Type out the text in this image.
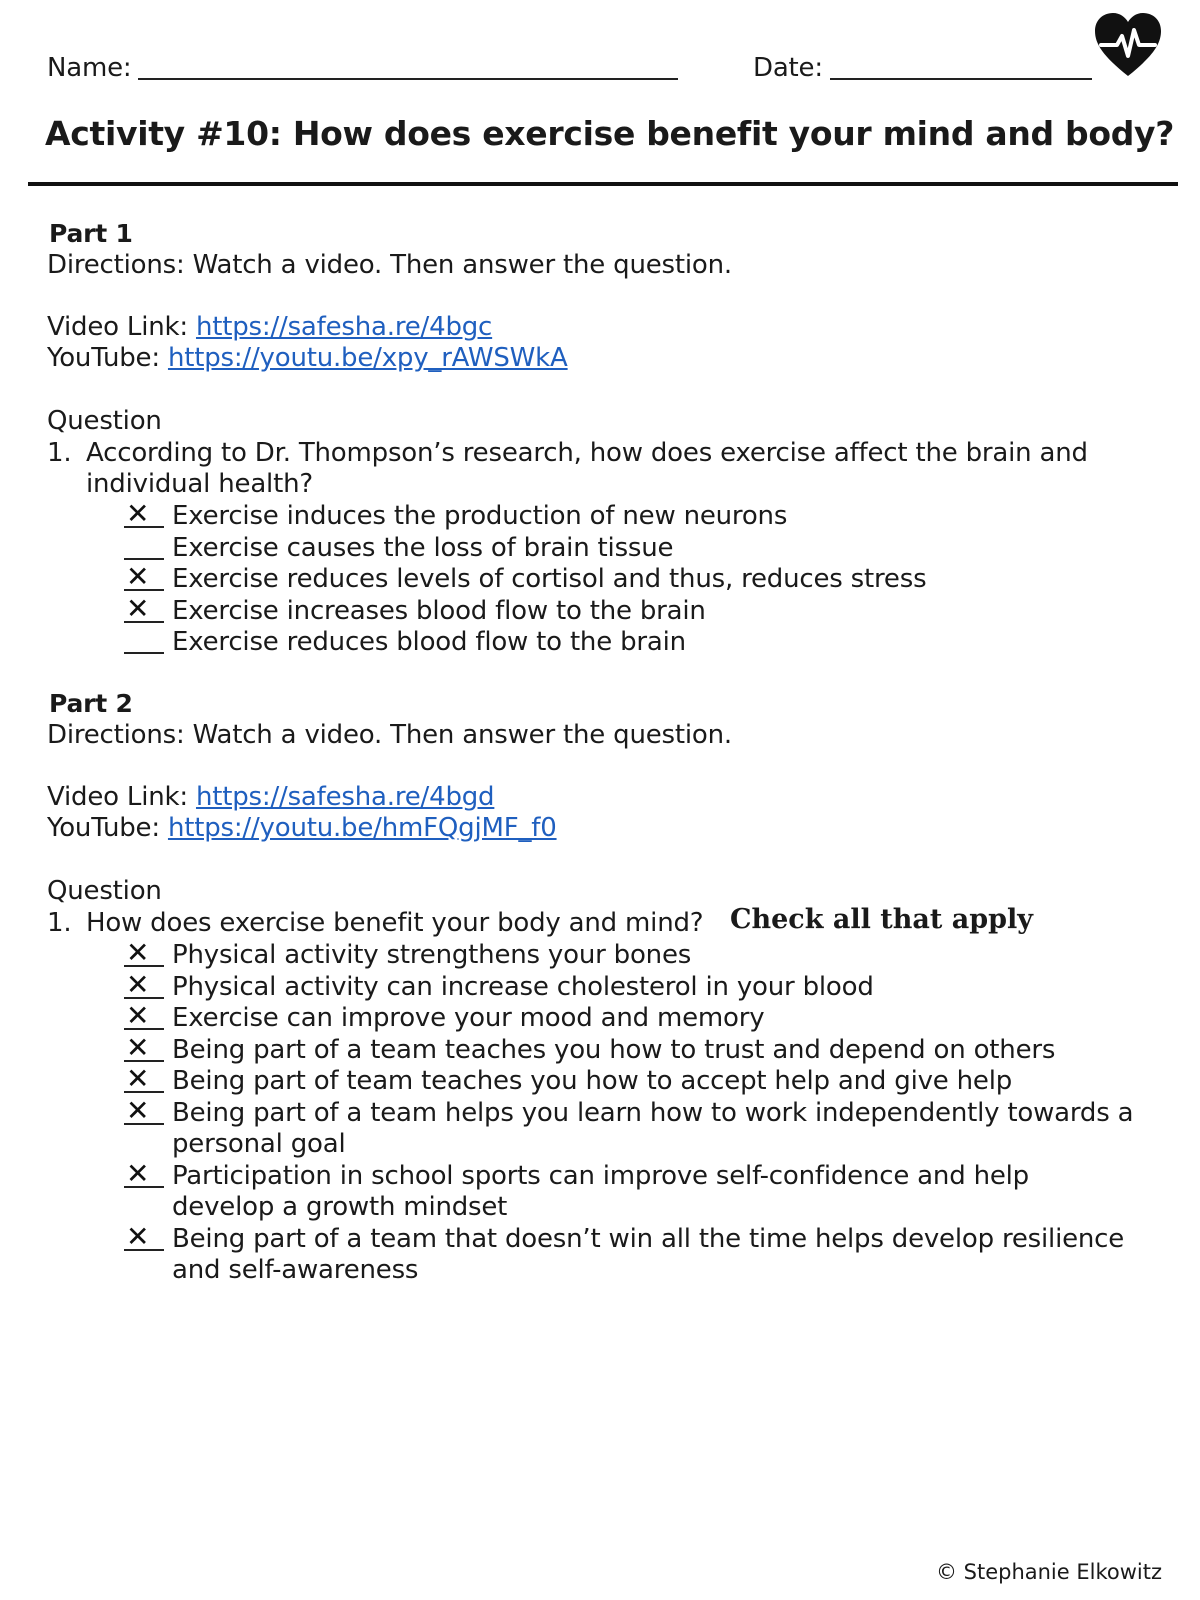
Name:	Date:
Activity #10: How does exercise benefit your mind and body?
Part 1
Directions: Watch a video. Then answer the question.
Video Link: https://safesha.re/4bgc
YouTube: https://youtu.be/xpy_rAWSWkA
Question
1. According to Dr. Thompson’s research, how does exercise affect the brain and
individual health?
✕ Exercise induces the production of new neurons
Exercise causes the loss of brain tissue
✕ Exercise reduces levels of cortisol and thus, reduces stress
✕ Exercise increases blood flow to the brain
Exercise reduces blood flow to the brain
Part 2
Directions: Watch a video. Then answer the question.
Video Link: https://safesha.re/4bgd
YouTube: https://youtu.be/hmFQgjMF_f0
Question
1. How does exercise benefit your body and mind? Check all that apply
✕ Physical activity strengthens your bones
✕ Physical activity can increase cholesterol in your blood
✕ Exercise can improve your mood and memory
✕ Being part of a team teaches you how to trust and depend on others
✕ Being part of team teaches you how to accept help and give help
✕ Being part of a team helps you learn how to work independently towards a
personal goal
✕ Participation in school sports can improve self-confidence and help
develop a growth mindset
✕ Being part of a team that doesn’t win all the time helps develop resilience
and self-awareness
© Stephanie Elkowitz
